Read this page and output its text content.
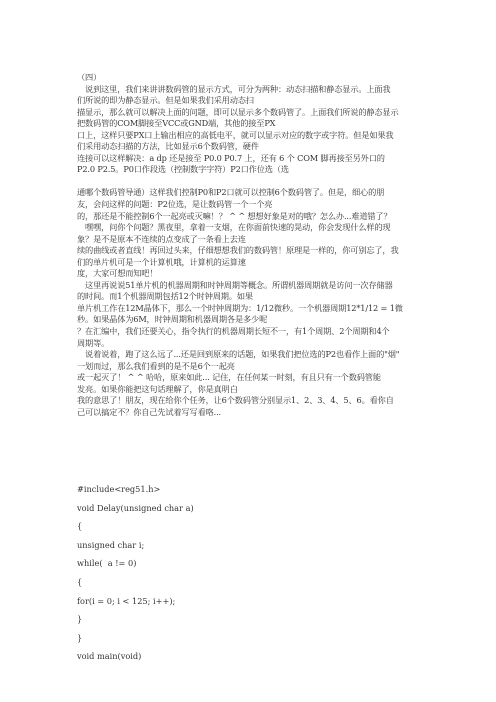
（四）
　说到这里，我们来讲讲数码管的显示方式，可分为两种：动态扫描和静态显示。上面我
们所说的即为静态显示。但是如果我们采用动态扫
描显示，那么就可以解决上面的问题，即可以显示多个数码管了。上面我们所说的静态显示
把数码管的COM脚接至VCC或GND端，其他的接至PX
口上，这样只要PX口上输出相应的高低电平，就可以显示对应的数字或字符。但是如果我
们采用动态扫描的方法，比如显示6个数码管，硬件
连接可以这样解决：a dp 还是接至 P0.0 P0.7 上，还有 6 个 COM 脚再接至另外口的
P2.0 P2.5。P0口作段选（控制数字字符）P2口作位选（选

通哪个数码管导通）这样我们控制P0和P2口就可以控制6个数码管了。但是，细心的朋
友，会问这样的问题：P2位选，是让数码管一个一个亮
的，那还是不能控制6个一起亮或灭嘛！？ ^ ^ 想想好象是对的哦？怎么办...难道错了？
　嘿嘿，问你个问题？黑夜里，拿着一支烟，在你面前快速的晃动，你会发现什么样的现
象？是不是原本不连续的点变成了一条看上去连
续的曲线或者直线！再回过头来，仔细想想我们的数码管！原理是一样的，你可别忘了，我
们的单片机可是一个计算机哦，计算机的运算速
度，大家可想而知吧！
　这里再说说51单片机的机器周期和时钟周期等概念。所谓机器周期就是访问一次存储器
的时间。而1个机器周期包括12个时钟周期。如果
单片机工作在12M晶体下，那么一个时钟周期为：1/12微秒。一个机器周期12*1/12 = 1微
秒。如果晶体为6M，时钟周期和机器周期各是多少呢
？在汇编中，我们还要关心，指令执行的机器周期长短不一，有1个周期、2个周期和4个
周期等。
　说着说着，跑了这么远了...还是回到原来的话题，如果我们把位选的P2也看作上面的"烟"
一划而过，那么我们看到的是不是6个一起亮
或一起灭了！ ^ ^ 哈哈，原来如此... 记住，在任何某一时刻，有且只有一个数码管能
发亮。如果你能把这句话理解了，你是真明白
我的意思了！朋友，现在给你个任务，让6个数码管分别显示1、2、3、4、5、6。看你自
己可以搞定不？你自己先试着写写看咯...
#include<reg51.h>
void Delay(unsigned char a)
{
unsigned char i;
while(  a != 0)
{
for(i = 0; i < 125; i++);
}
}
void main(void)
